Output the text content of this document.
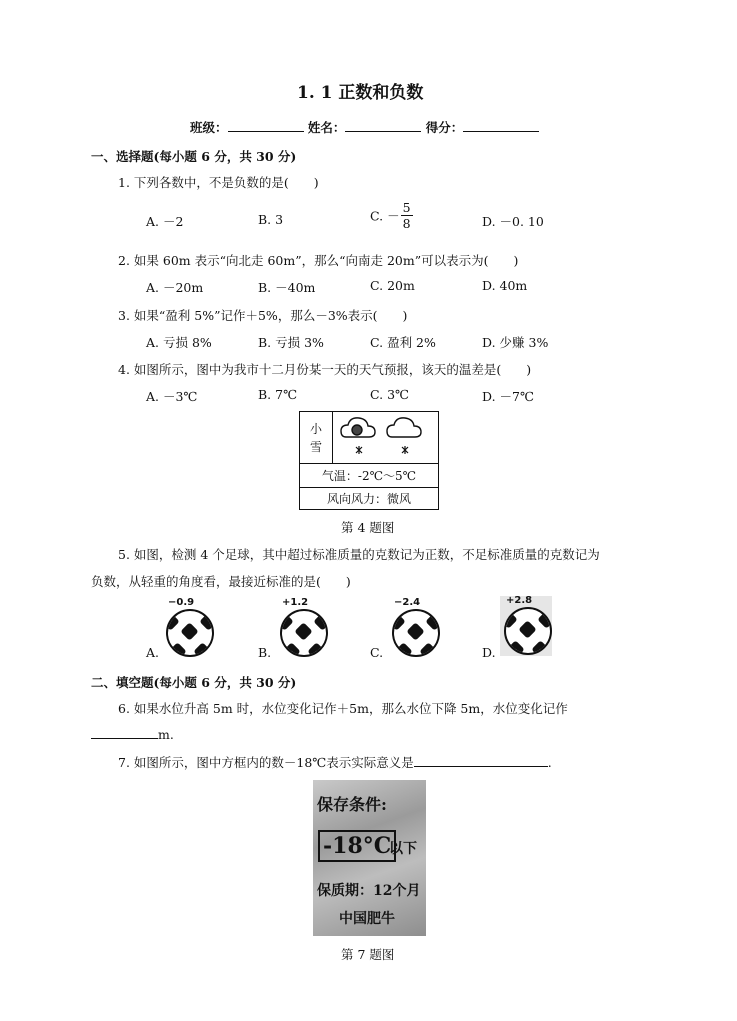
1. 1 正数和负数
班级：	姓名：	得分：
一、选择题(每小题 6 分，共 30 分)
1. 下列各数中，不是负数的是(　　)
A. －2	B. 3	C. － $\frac{5}{8}$	D. －0. 10
2. 如果 60m 表示“向北走 60m”，那么“向南走 20m”可以表示为(　　)
A. －20m	B. －40m	C. 20m	D. 40m
3. 如果“盈利 5%”记作＋5%，那么－3%表示(　　)
A. 亏损 8%	B. 亏损 3%	C. 盈利 2%	D. 少赚 3%
4. 如图所示，图中为我市十二月份某一天的天气预报，该天的温差是(　　)
A. －3℃	B. 7℃	C. 3℃	D. －7℃
小
雪

气温：-2℃～5℃
风向风力：微风
第 4 题图
5. 如图，检测 4 个足球，其中超过标准质量的克数记为正数，不足标准质量的克数记为
负数，从轻重的角度看，最接近标准的是(　　)
A.
−0.9
B.
+1.2
C.
−2.4
D.
+2.8
二、填空题(每小题 6 分，共 30 分)
6. 如果水位升高 5m 时，水位变化记作＋5m，那么水位下降 5m，水位变化记作
m.
7. 如图所示，图中方框内的数－18℃表示实际意义是	.
保存条件:
-18°C
以下
保质期：12个月
中国肥牛
第 7 题图
